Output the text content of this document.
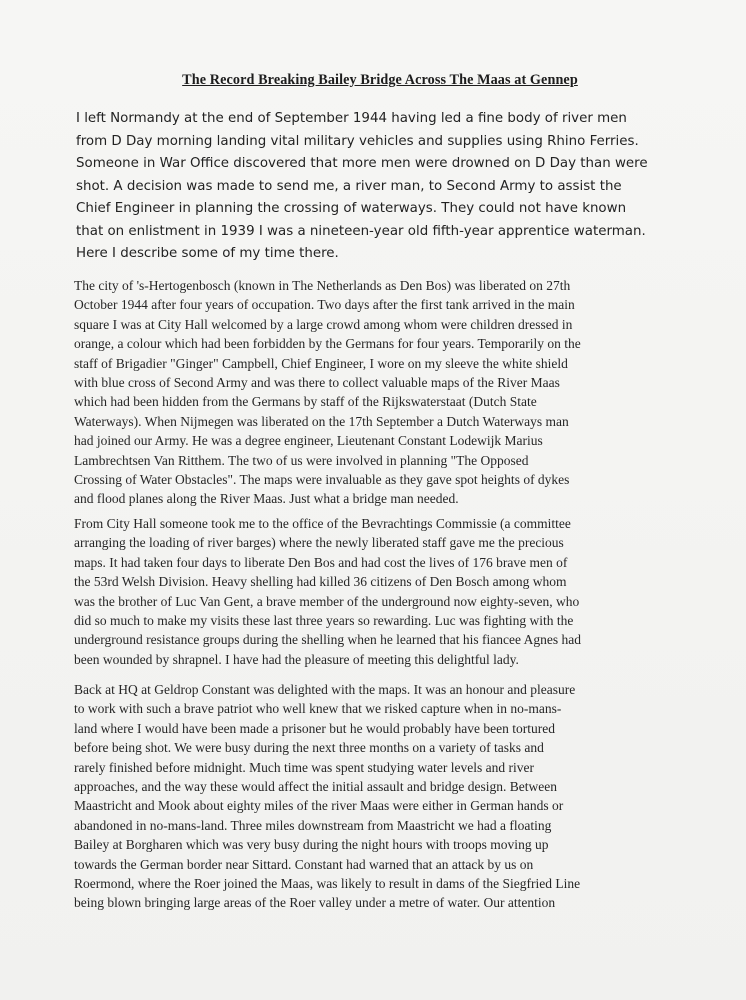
The Record Breaking Bailey Bridge Across The Maas at Gennep

I left Normandy at the end of September 1944 having led a fine body of river men
from D Day morning landing vital military vehicles and supplies using Rhino Ferries.
Someone in War Office discovered that more men were drowned on D Day than were
shot. A decision was made to send me, a river man, to Second Army to assist the
Chief Engineer in planning the crossing of waterways. They could not have known
that on enlistment in 1939 I was a nineteen-year old fifth-year apprentice waterman.
Here I describe some of my time there.

The city of 's-Hertogenbosch (known in The Netherlands as Den Bos) was liberated on 27th
October 1944 after four years of occupation. Two days after the first tank arrived in the main
square I was at City Hall welcomed by a large crowd among whom were children dressed in
orange, a colour which had been forbidden by the Germans for four years. Temporarily on the
staff of Brigadier "Ginger" Campbell, Chief Engineer, I wore on my sleeve the white shield
with blue cross of Second Army and was there to collect valuable maps of the River Maas
which had been hidden from the Germans by staff of the Rijkswaterstaat (Dutch State
Waterways). When Nijmegen was liberated on the 17th September a Dutch Waterways man
had joined our Army. He was a degree engineer, Lieutenant Constant Lodewijk Marius
Lambrechtsen Van Ritthem. The two of us were involved in planning "The Opposed
Crossing of Water Obstacles". The maps were invaluable as they gave spot heights of dykes
and flood planes along the River Maas. Just what a bridge man needed.

From City Hall someone took me to the office of the Bevrachtings Commissie (a committee
arranging the loading of river barges) where the newly liberated staff gave me the precious
maps. It had taken four days to liberate Den Bos and had cost the lives of 176 brave men of
the 53rd Welsh Division. Heavy shelling had killed 36 citizens of Den Bosch among whom
was the brother of Luc Van Gent, a brave member of the underground now eighty-seven, who
did so much to make my visits these last three years so rewarding. Luc was fighting with the
underground resistance groups during the shelling when he learned that his fiancee Agnes had
been wounded by shrapnel. I have had the pleasure of meeting this delightful lady.

Back at HQ at Geldrop Constant was delighted with the maps. It was an honour and pleasure
to work with such a brave patriot who well knew that we risked capture when in no-mans-
land where I would have been made a prisoner but he would probably have been tortured
before being shot. We were busy during the next three months on a variety of tasks and
rarely finished before midnight. Much time was spent studying water levels and river
approaches, and the way these would affect the initial assault and bridge design. Between
Maastricht and Mook about eighty miles of the river Maas were either in German hands or
abandoned in no-mans-land. Three miles downstream from Maastricht we had a floating
Bailey at Borgharen which was very busy during the night hours with troops moving up
towards the German border near Sittard. Constant had warned that an attack by us on
Roermond, where the Roer joined the Maas, was likely to result in dams of the Siegfried Line
being blown bringing large areas of the Roer valley under a metre of water. Our attention
